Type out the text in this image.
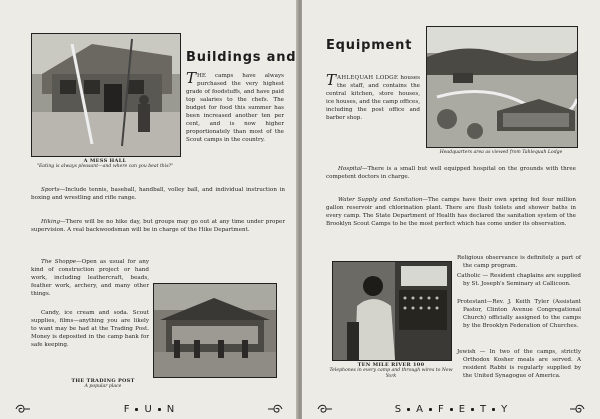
A MESS HALL
"Eating is always pleasant—and where can you beat this?"
Buildings and

THE camps have always purchased the very highest grade of foodstuffs, and have paid top salaries to the chefs. The budget for food this summer has been increased another ten per cent, and is now higher proportionately than most of the Scout camps in the country.

Sports—Include tennis, baseball, handball, volley ball, and individual instruction in boxing and wrestling and rifle range.

Hiking—There will be no hike day, but groups may go out at any time under proper supervision. A real backwoodsman will be in charge of the Hike Department.

The Shoppe—Open as usual for any kind of construction project or hand work, including leathercraft, beads, feather work, archery, and many other things.

Candy, ice cream and soda. Scout supplies, films—anything you are likely to want may be had at the Trading Post. Money is deposited in the camp bank for safe keeping.

THE TRADING POST
A popular place
F U N
Equipment
Headquarters area as viewed from Tahlequah Lodge

TAHLEQUAH LODGE houses the staff, and contains the central kitchen, store houses, ice houses, and the camp offices, including the post office and barber shop.

Hospital—There is a small but well equipped hospital on the grounds with three competent doctors in charge.

Water Supply and Sanitation—The camps have their own spring fed four million gallon reservoir and chlorination plant. There are flush toilets and shower baths in every camp. The State Department of Health has declared the sanitation system of the Brooklyn Scout Camps to be the most perfect which has come under its observation.

TEN MILE RIVER 100
Telephones in every camp and through wires to New York

Religious observance is definitely a part of the camp program.

Catholic — Resident chaplains are supplied by St. Joseph's Seminary at Callicoon.

Protestant—Rev. J. Keith Tyler (Assistant Pastor, Clinton Avenue Congregational Church) officially assigned to the camps by the Brooklyn Federation of Churches.

Jewish — In two of the camps, strictly Orthodox Kosher meals are served. A resident Rabbi is regularly supplied by the United Synagogue of America.

S A F E T Y
